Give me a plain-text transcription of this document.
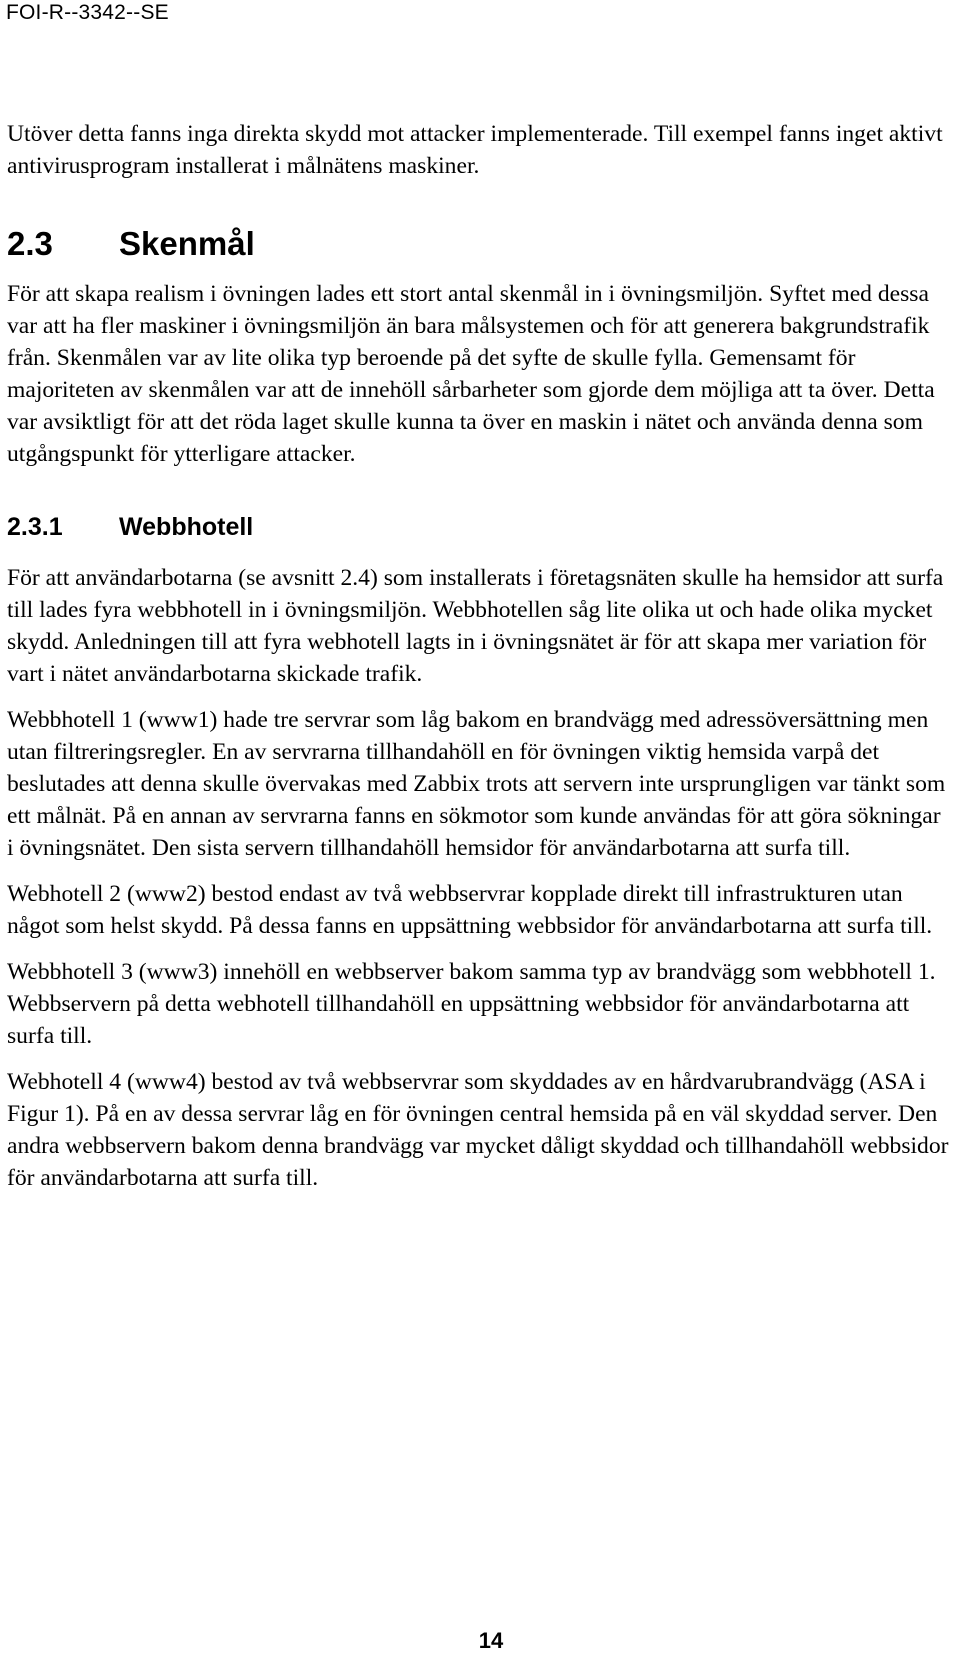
FOI-R--3342--SE

Utöver detta fanns inga direkta skydd mot attacker implementerade. Till exempel fanns inget aktivt antivirusprogram installerat i målnätens maskiner.

2.3	Skenmål

För att skapa realism i övningen lades ett stort antal skenmål in i övningsmiljön. Syftet med dessa var att ha fler maskiner i övningsmiljön än bara målsystemen och för att generera bakgrundstrafik från. Skenmålen var av lite olika typ beroende på det syfte de skulle fylla. Gemensamt för majoriteten av skenmålen var att de innehöll sårbarheter som gjorde dem möjliga att ta över. Detta var avsiktligt för att det röda laget skulle kunna ta över en maskin i nätet och använda denna som utgångspunkt för ytterligare attacker.

2.3.1	Webbhotell

För att användarbotarna (se avsnitt 2.4) som installerats i företagsnäten skulle ha hemsidor att surfa till lades fyra webbhotell in i övningsmiljön. Webbhotellen såg lite olika ut och hade olika mycket skydd. Anledningen till att fyra webhotell lagts in i övningsnätet är för att skapa mer variation för vart i nätet användarbotarna skickade trafik.

Webbhotell 1 (www1) hade tre servrar som låg bakom en brandvägg med adressöversättning men utan filtreringsregler. En av servrarna tillhandahöll en för övningen viktig hemsida varpå det beslutades att denna skulle övervakas med Zabbix trots att servern inte ursprungligen var tänkt som ett målnät. På en annan av servrarna fanns en sökmotor som kunde användas för att göra sökningar i övningsnätet. Den sista servern tillhandahöll hemsidor för användarbotarna att surfa till.

Webhotell 2 (www2) bestod endast av två webbservrar kopplade direkt till infrastrukturen utan något som helst skydd. På dessa fanns en uppsättning webbsidor för användarbotarna att surfa till.

Webbhotell 3 (www3) innehöll en webbserver bakom samma typ av brandvägg som webbhotell 1. Webbservern på detta webhotell tillhandahöll en uppsättning webbsidor för användarbotarna att surfa till.

Webhotell 4 (www4) bestod av två webbservrar som skyddades av en hårdvarubrandvägg (ASA i Figur 1). På en av dessa servrar låg en för övningen central hemsida på en väl skyddad server. Den andra webbservern bakom denna brandvägg var mycket dåligt skyddad och tillhandahöll webbsidor för användarbotarna att surfa till.

14
